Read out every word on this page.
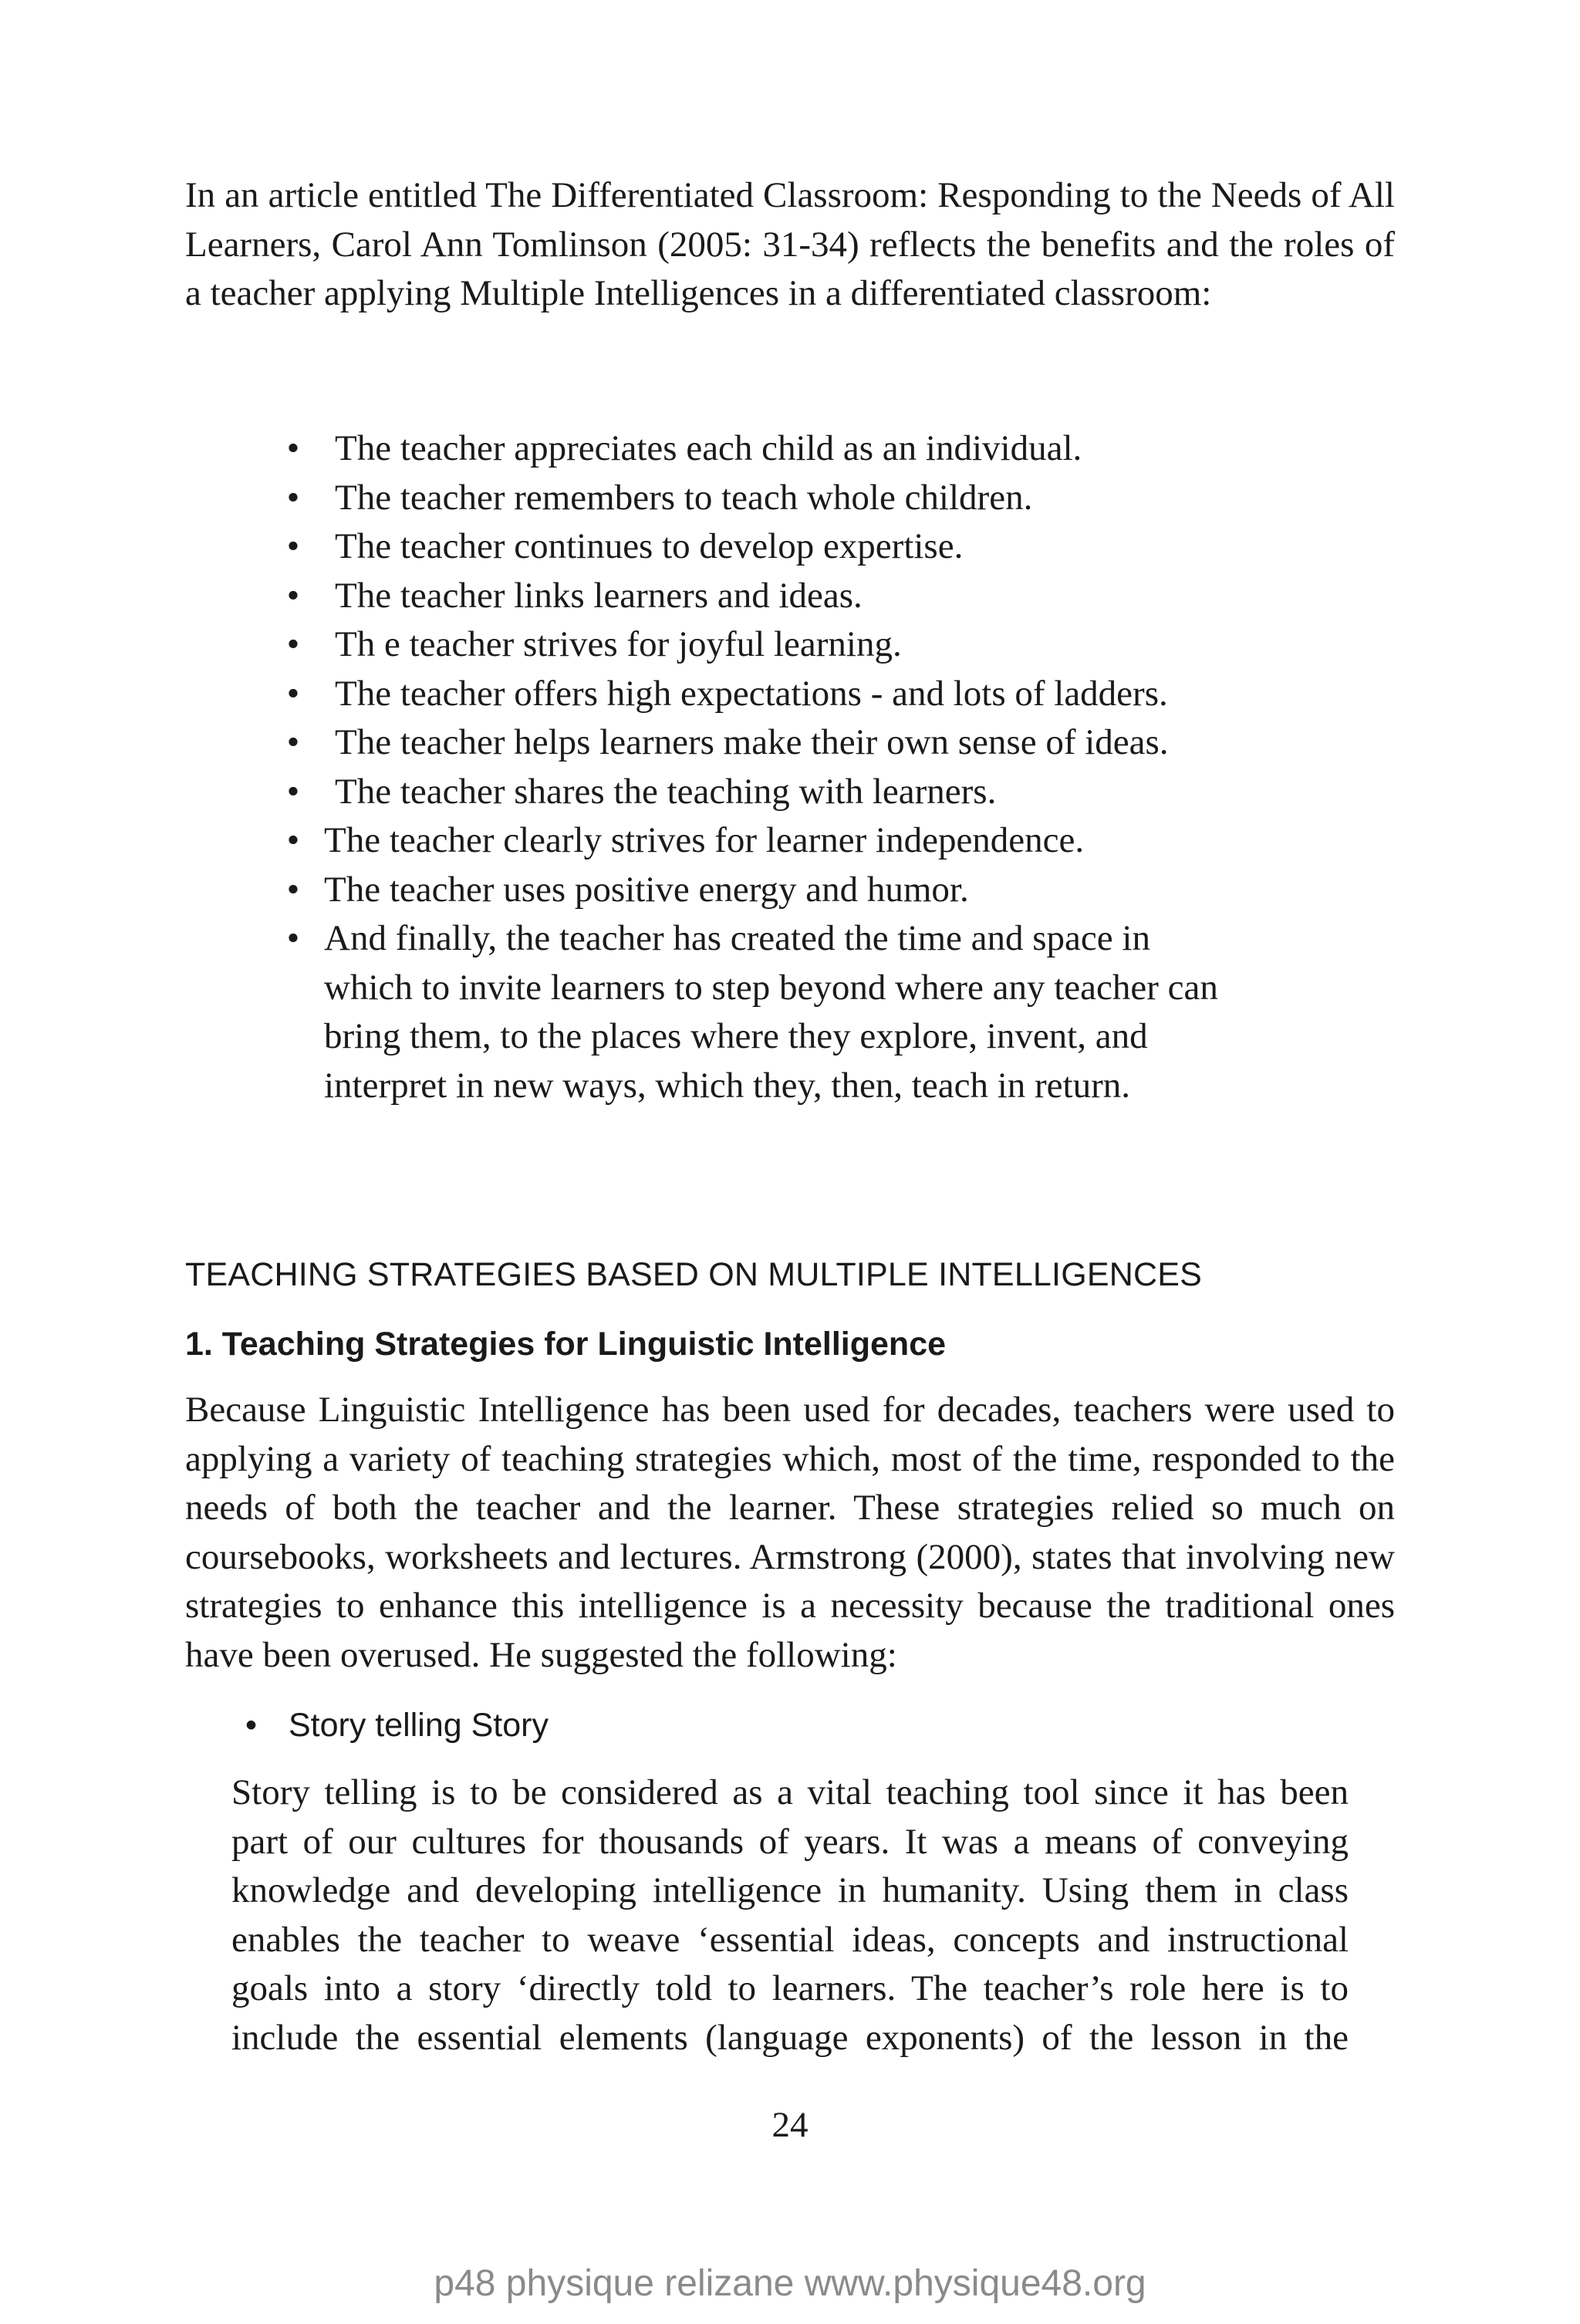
In an article entitled The Differentiated Classroom: Responding to the Needs of All Learners, Carol Ann Tomlinson (2005: 31-34) reflects the benefits and the roles of a teacher applying Multiple Intelligences in a differentiated classroom:

• The teacher appreciates each child as an individual.
• The teacher remembers to teach whole children.
• The teacher continues to develop expertise.
• The teacher links learners and ideas.
• Th e teacher strives for joyful learning.
• The teacher offers high expectations - and lots of ladders.
• The teacher helps learners make their own sense of ideas.
• The teacher shares the teaching with learners.
• The teacher clearly strives for learner independence.
• The teacher uses positive energy and humor.
• And finally, the teacher has created the time and space in which to invite learners to step beyond where any teacher can bring them, to the places where they explore, invent, and interpret in new ways, which they, then, teach in return.
TEACHING STRATEGIES BASED ON MULTIPLE INTELLIGENCES
1. Teaching Strategies for Linguistic Intelligence

Because Linguistic Intelligence has been used for decades, teachers were used to applying a variety of teaching strategies which, most of the time, responded to the needs of both the teacher and the learner. These strategies relied so much on coursebooks, worksheets and lectures. Armstrong (2000), states that involving new strategies to enhance this intelligence is a necessity because the traditional ones have been overused. He suggested the following:

• Story telling Story
Story telling is to be considered as a vital teaching tool since it has been
part of our cultures for thousands of years. It was a means of conveying
knowledge and developing intelligence in humanity. Using them in class
enables the teacher to weave ‘essential ideas, concepts and instructional
goals into a story ‘directly told to learners. The teacher’s role here is to
include the essential elements (language exponents) of the lesson in the
24
p48 physique relizane www.physique48.org
